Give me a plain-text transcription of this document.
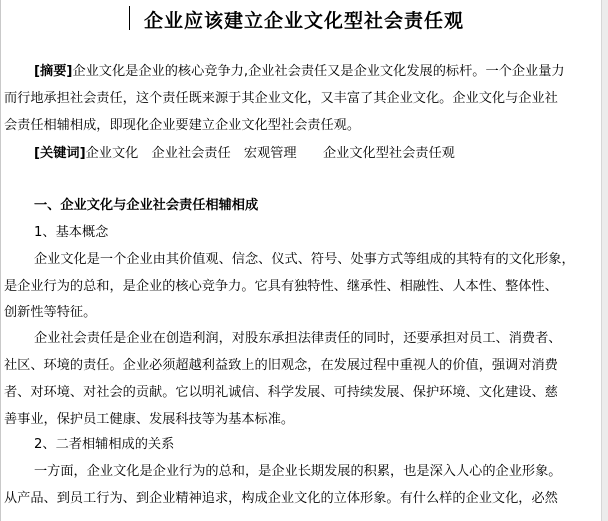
企业应该建立企业文化型社会责任观
[摘要]企业文化是企业的核心竞争力,企业社会责任又是企业文化发展的标杆。一个企业量力
而行地承担社会责任，这个责任既来源于其企业文化，又丰富了其企业文化。企业文化与企业社
会责任相辅相成，即现化企业要建立企业文化型社会责任观。
[关键词]企业文化　企业社会责任　宏观管理　　企业文化型社会责任观
一、企业文化与企业社会责任相辅相成
1、基本概念
企业文化是一个企业由其价值观、信念、仪式、符号、处事方式等组成的其特有的文化形象，
是企业行为的总和，是企业的核心竞争力。它具有独特性、继承性、相融性、人本性、整体性、
创新性等特征。
企业社会责任是企业在创造利润，对股东承担法律责任的同时，还要承担对员工、消费者、
社区、环境的责任。企业必须超越利益致上的旧观念，在发展过程中重视人的价值，强调对消费
者、对环境、对社会的贡献。它以明礼诚信、科学发展、可持续发展、保护环境、文化建设、慈
善事业，保护员工健康、发展科技等为基本标准。
2、二者相辅相成的关系
一方面，企业文化是企业行为的总和，是企业长期发展的积累，也是深入人心的企业形象。
从产品、到员工行为、到企业精神追求，构成企业文化的立体形象。有什么样的企业文化，必然
